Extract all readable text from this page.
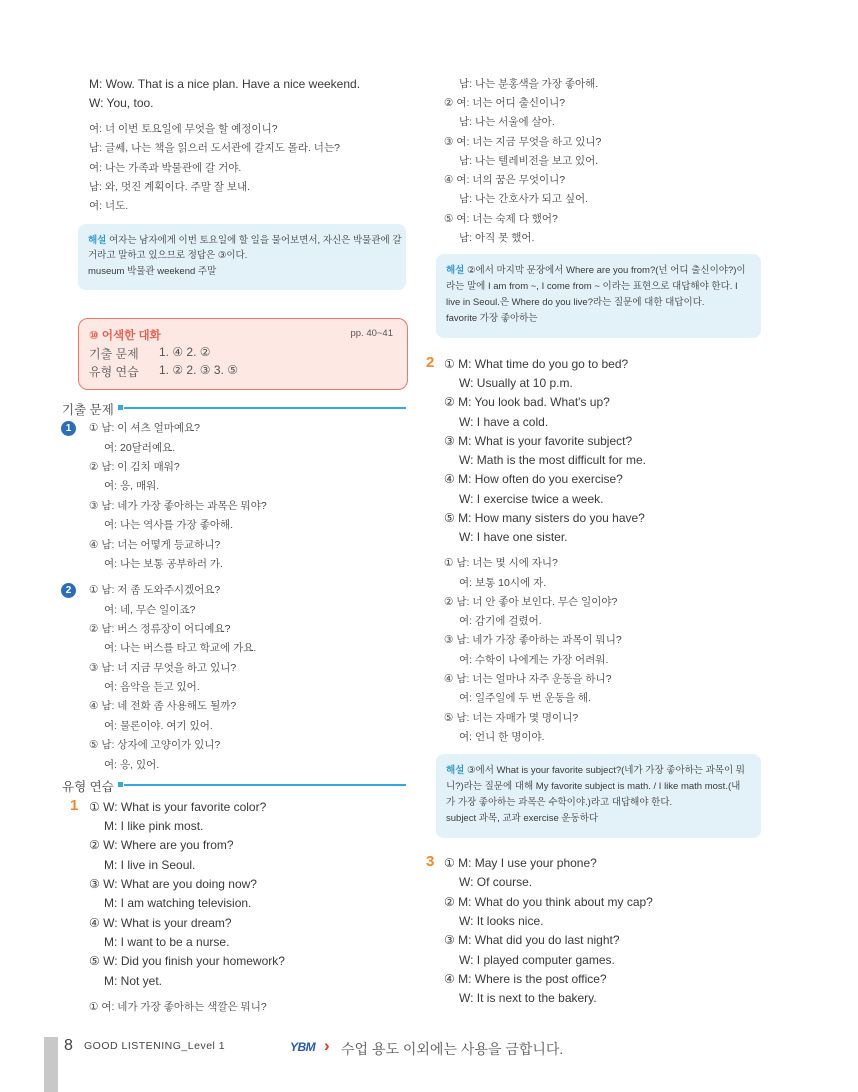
M: Wow. That is a nice plan. Have a nice weekend.
W: You, too.
여: 너 이번 토요일에 무엇을 할 예정이니?
남: 글쎄, 나는 책을 읽으러 도서관에 갈지도 몰라. 너는?
여: 나는 가족과 박물관에 갈 거야.
남: 와, 멋진 계획이다. 주말 잘 보내.
여: 너도.
해설 여자는 남자에게 이번 토요일에 할 일을 물어보면서, 자신은 박물관에 갈
거라고 말하고 있으므로 정답은 ③이다.
museum 박물관 weekend 주말
⑩ 어색한 대화	pp. 40~41
기출 문제 1. ④ 2. ②
유형 연습 1. ② 2. ③ 3. ⑤
기출 문제
1	① 남: 이 셔츠 얼마예요?
여: 20달러예요.
② 남: 이 김치 매워?
여: 응, 매워.
③ 남: 네가 가장 좋아하는 과목은 뭐야?
여: 나는 역사를 가장 좋아해.
④ 남: 너는 어떻게 등교하니?
여: 나는 보통 공부하러 가.
2	① 남: 저 좀 도와주시겠어요?
여: 네, 무슨 일이죠?
② 남: 버스 정류장이 어디예요?
여: 나는 버스를 타고 학교에 가요.
③ 남: 너 지금 무엇을 하고 있니?
여: 음악을 듣고 있어.
④ 남: 네 전화 좀 사용해도 될까?
여: 물론이야. 여기 있어.
⑤ 남: 상자에 고양이가 있니?
여: 응, 있어.
유형 연습
1 ① W: What is your favorite color?
M: I like pink most.
② W: Where are you from?
M: I live in Seoul.
③ W: What are you doing now?
M: I am watching television.
④ W: What is your dream?
M: I want to be a nurse.
⑤ W: Did you finish your homework?
M: Not yet.
① 여: 네가 가장 좋아하는 색깔은 뭐니?
남: 나는 분홍색을 가장 좋아해.
② 여: 너는 어디 출신이니?
남: 나는 서울에 살아.
③ 여: 너는 지금 무엇을 하고 있니?
남: 나는 텔레비전을 보고 있어.
④ 여: 너의 꿈은 무엇이니?
남: 나는 간호사가 되고 싶어.
⑤ 여: 너는 숙제 다 했어?
남: 아직 못 했어.
해설 ②에서 마지막 문장에서 Where are you from?(넌 어디 출신이야?)이
라는 말에 I am from ~, I come from ~ 이라는 표현으로 대답해야 한다. I
live in Seoul.은 Where do you live?라는 질문에 대한 대답이다.
favorite 가장 좋아하는
2 ① M: What time do you go to bed?
W: Usually at 10 p.m.
② M: You look bad. What's up?
W: I have a cold.
③ M: What is your favorite subject?
W: Math is the most difficult for me.
④ M: How often do you exercise?
W: I exercise twice a week.
⑤ M: How many sisters do you have?
W: I have one sister.
① 남: 너는 몇 시에 자니?
여: 보통 10시에 자.
② 남: 너 안 좋아 보인다. 무슨 일이야?
여: 감기에 걸렸어.
③ 남: 네가 가장 좋아하는 과목이 뭐니?
여: 수학이 나에게는 가장 어려워.
④ 남: 너는 얼마나 자주 운동을 하니?
여: 일주일에 두 번 운동을 해.
⑤ 남: 너는 자매가 몇 명이니?
여: 언니 한 명이야.
해설 ③에서 What is your favorite subject?(네가 가장 좋아하는 과목이 뭐
니?)라는 질문에 대해 My favorite subject is math. / I like math most.(내
가 가장 좋아하는 과목은 수학이야.)라고 대답해야 한다.
subject 과목, 교과 exercise 운동하다
3 ① M: May I use your phone?
W: Of course.
② M: What do you think about my cap?
W: It looks nice.
③ M: What did you do last night?
W: I played computer games.
④ M: Where is the post office?
W: It is next to the bakery.
8 GOOD LISTENING_Level 1	YBM › 수업 용도 이외에는 사용을 금합니다.
